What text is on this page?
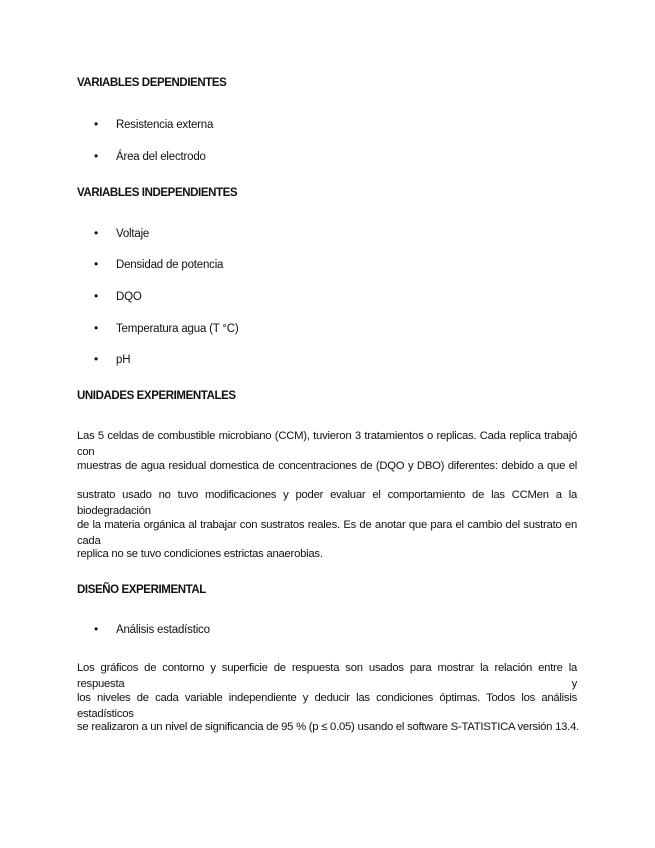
VARIABLES DEPENDIENTES
• Resistencia externa
• Área del electrodo
VARIABLES INDEPENDIENTES
• Voltaje
• Densidad de potencia
• DQO
• Temperatura agua (T °C)
• pH
UNIDADES EXPERIMENTALES
Las 5 celdas de combustible microbiano (CCM), tuvieron 3 tratamientos o replicas. Cada replica trabajó con
muestras de agua residual domestica de concentraciones de (DQO y DBO) diferentes: debido a que el
sustrato usado no tuvo modificaciones y poder evaluar el comportamiento de las CCMen a la biodegradación
de la materia orgánica al trabajar con sustratos reales. Es de anotar que para el cambio del sustrato en cada
replica no se tuvo condiciones estrictas anaerobias.
DISEÑO EXPERIMENTAL
• Análisis estadístico
Los gráficos de contorno y superficie de respuesta son usados para mostrar la relación entre la respuesta y
los niveles de cada variable independiente y deducir las condiciones óptimas. Todos los análisis estadísticos
se realizaron a un nivel de significancia de 95 % (p ≤ 0.05) usando el software S-TATISTICA versión 13.4.
